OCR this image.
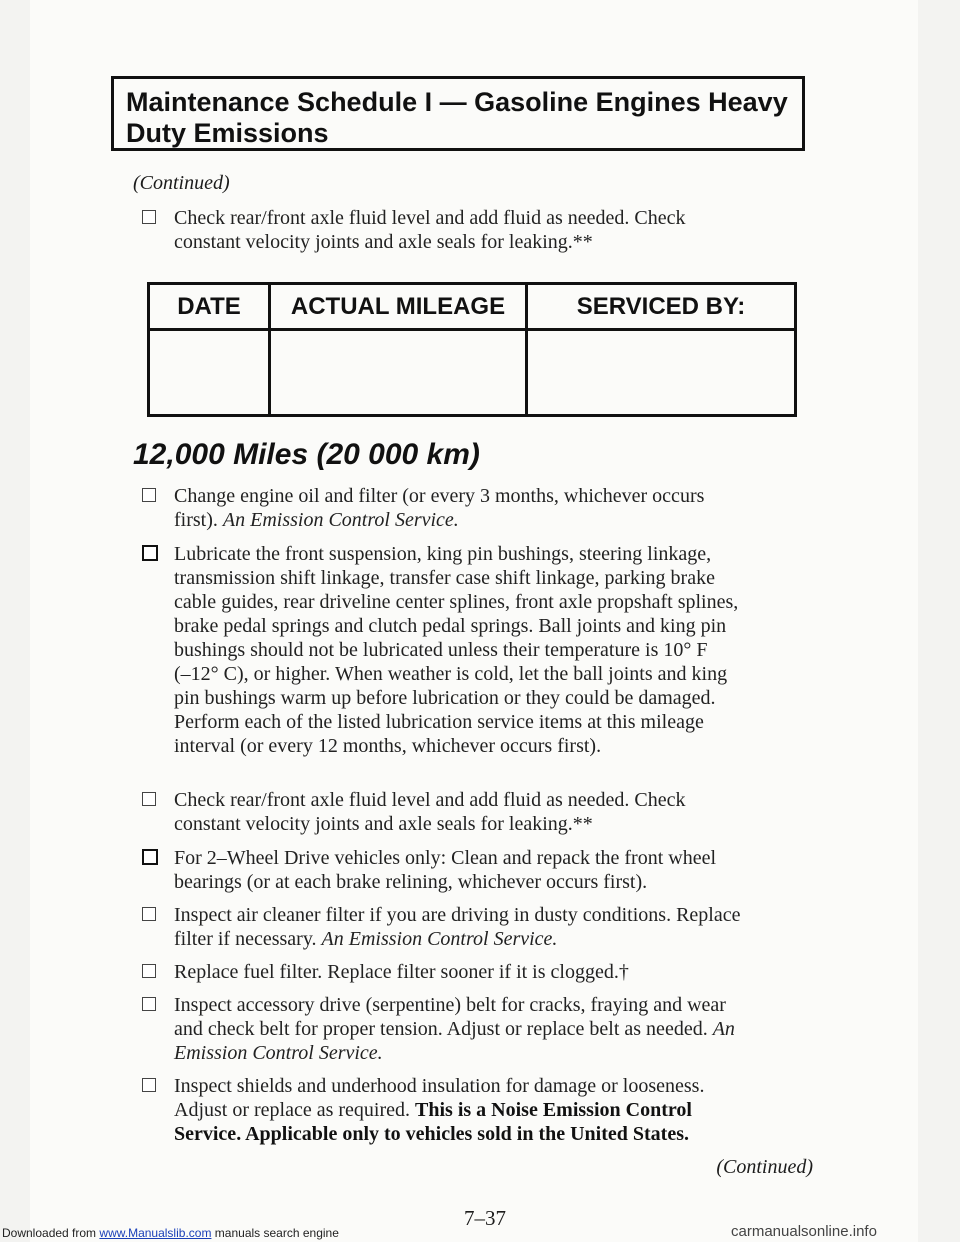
Maintenance Schedule I — Gasoline Engines Heavy
Duty Emissions
(Continued)
Check rear/front axle fluid level and add fluid as needed. Check
constant velocity joints and axle seals for leaking.**
DATE	ACTUAL MILEAGE	SERVICED BY:

12,000 Miles (20 000 km)
Change engine oil and filter (or every 3 months, whichever occurs
first). An Emission Control Service.
Lubricate the front suspension, king pin bushings, steering linkage,
transmission shift linkage, transfer case shift linkage, parking brake
cable guides, rear driveline center splines, front axle propshaft splines,
brake pedal springs and clutch pedal springs. Ball joints and king pin
bushings should not be lubricated unless their temperature is 10° F
(–12° C), or higher. When weather is cold, let the ball joints and king
pin bushings warm up before lubrication or they could be damaged.
Perform each of the listed lubrication service items at this mileage
interval (or every 12 months, whichever occurs first).
Check rear/front axle fluid level and add fluid as needed. Check
constant velocity joints and axle seals for leaking.**
For 2–Wheel Drive vehicles only: Clean and repack the front wheel
bearings (or at each brake relining, whichever occurs first).
Inspect air cleaner filter if you are driving in dusty conditions. Replace
filter if necessary. An Emission Control Service.
Replace fuel filter. Replace filter sooner if it is clogged.†
Inspect accessory drive (serpentine) belt for cracks, fraying and wear
and check belt for proper tension. Adjust or replace belt as needed. An
Emission Control Service.
Inspect shields and underhood insulation for damage or looseness.
Adjust or replace as required. This is a Noise Emission Control
Service. Applicable only to vehicles sold in the United States.
(Continued)
7–37
Downloaded from www.Manualslib.com manuals search engine	carmanualsonline.info
